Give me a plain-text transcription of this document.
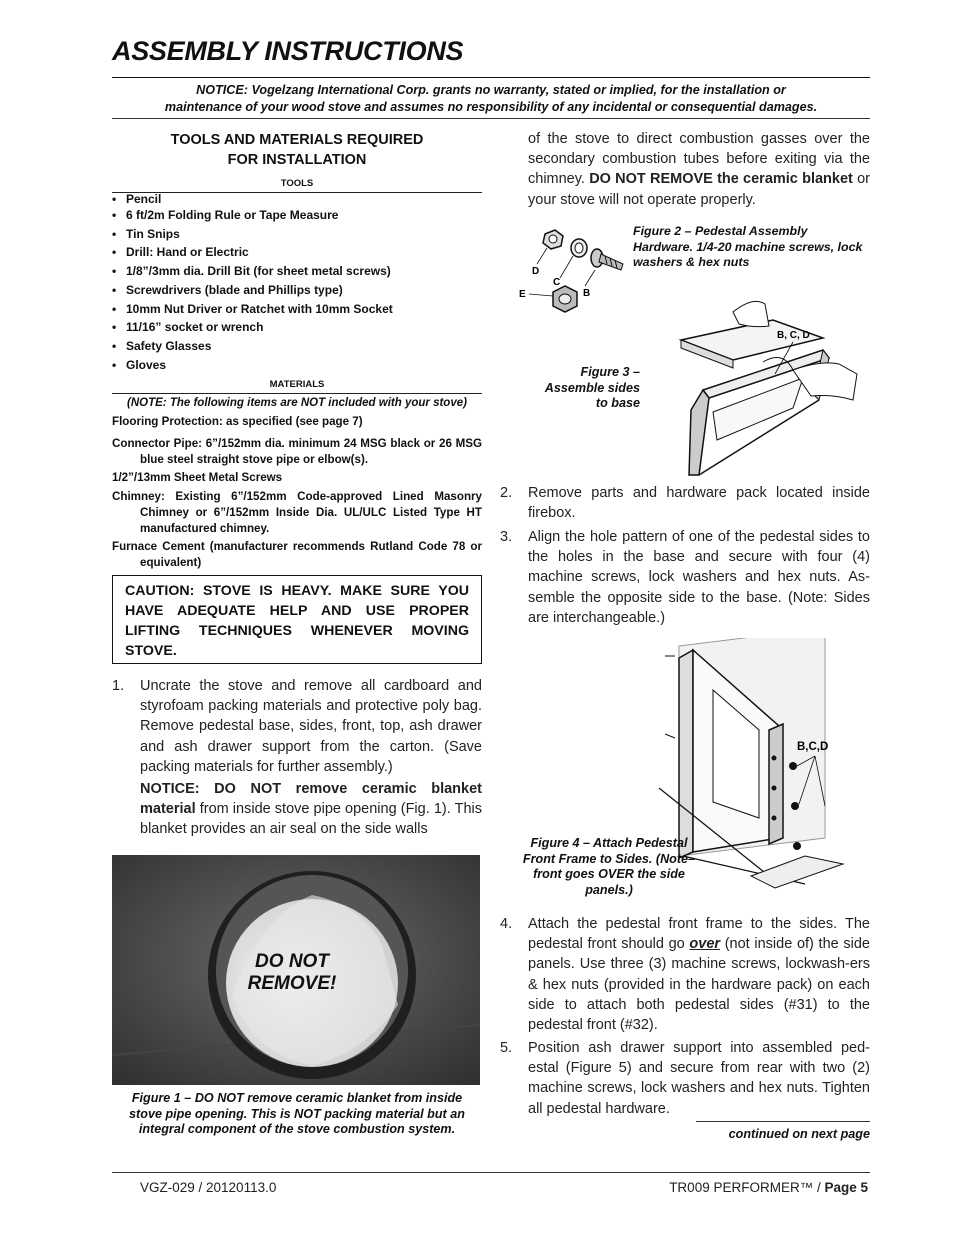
ASSEMBLY INSTRUCTIONS
NOTICE: Vogelzang International Corp. grants no warranty, stated or implied, for the installation or
maintenance of your wood stove and assumes no responsibility of any incidental or consequential damages.
TOOLS AND MATERIALS REQUIRED
FOR INSTALLATION
TOOLS
• Pencil
• 6 ft/2m Folding Rule or Tape Measure
• Tin Snips
• Drill: Hand or Electric
• 1/8”/3mm dia. Drill Bit (for sheet metal screws)
• Screwdrivers (blade and Phillips type)
• 10mm Nut Driver or Ratchet with 10mm Socket
• 11/16” socket or wrench
• Safety Glasses
• Gloves
MATERIALS
(NOTE: The following items are NOT included with your stove)
Flooring Protection: as specified (see page 7)
Connector Pipe: 6”/152mm dia. minimum 24 MSG black or 26 MSG blue steel straight stove pipe or elbow(s).
1/2”/13mm Sheet Metal Screws
Chimney: Existing 6”/152mm Code-approved Lined Masonry Chimney or 6”/152mm Inside Dia. UL/ULC Listed Type HT manufactured chimney.
Furnace Cement (manufacturer recommends Rutland Code 78 or equivalent)
CAUTION: STOVE IS HEAVY. MAKE SURE YOU HAVE ADEQUATE HELP AND USE PROPER LIFTING TECHNIQUES WHENEVER MOVING STOVE.
1. Uncrate the stove and remove all cardboard and styrofoam packing materials and protective poly bag. Remove pedestal base, sides, front, top, ash drawer and ash drawer support from the carton. (Save packing materials for further assembly.)
NOTICE: DO NOT remove ceramic blanket material from inside stove pipe opening (Fig. 1). This blanket provides an air seal on the side walls
DO NOT
REMOVE!
Figure 1 – DO NOT remove ceramic blanket from inside stove pipe opening. This is NOT packing material but an integral component of the stove combustion system.
of the stove to direct combustion gasses over the secondary combustion tubes before exiting via the chimney. DO NOT REMOVE the ceramic blanket or your stove will not operate properly.
D
C
B
E
Figure 2 – Pedestal Assembly Hardware. 1/4-20 machine screws, lock washers & hex nuts
B, C, D
Figure 3 – Assemble sides to base
2. Remove parts and hardware pack located inside firebox.
3. Align the hole pattern of one of the pedestal sides to the holes in the base and secure with four (4) machine screws, lock washers and hex nuts. As-semble the opposite side to the base. (Note: Sides are interchangeable.)
B,C,D
Figure 4 – Attach Pedestal Front Frame to Sides. (Note– front goes OVER the side panels.)
4. Attach the pedestal front frame to the sides. The pedestal front should go over (not inside of) the side panels. Use three (3) machine screws, lockwash-ers & hex nuts (provided in the hardware pack) on each side to attach both pedestal sides (#31) to the pedestal front (#32).
5. Position ash drawer support into assembled ped-estal (Figure 5) and secure from rear with two (2) machine screws, lock washers and hex nuts. Tighten all pedestal hardware.
continued on next page
VGZ-029 / 20120113.0	TR009 PERFORMER™ / Page 5
